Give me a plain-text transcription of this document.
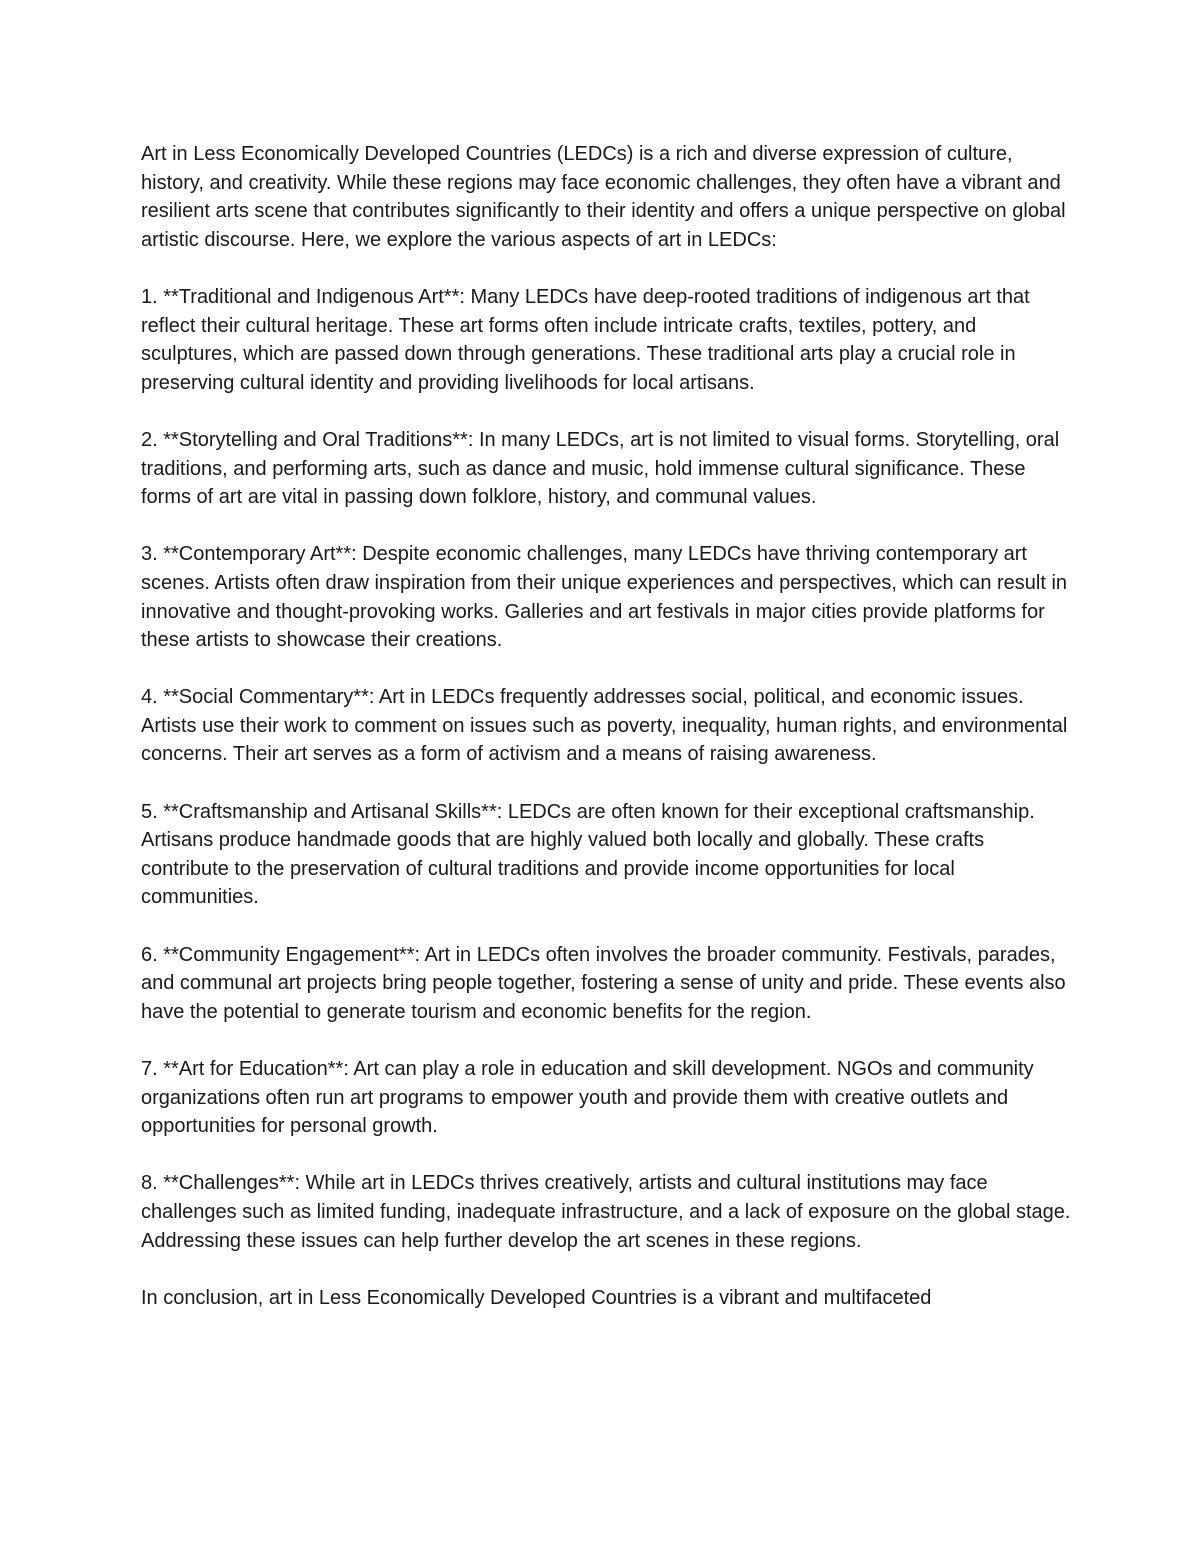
Art in Less Economically Developed Countries (LEDCs) is a rich and diverse expression of culture, history, and creativity. While these regions may face economic challenges, they often have a vibrant and resilient arts scene that contributes significantly to their identity and offers a unique perspective on global artistic discourse. Here, we explore the various aspects of art in LEDCs:

1. **Traditional and Indigenous Art**: Many LEDCs have deep-rooted traditions of indigenous art that reflect their cultural heritage. These art forms often include intricate crafts, textiles, pottery, and sculptures, which are passed down through generations. These traditional arts play a crucial role in preserving cultural identity and providing livelihoods for local artisans.

2. **Storytelling and Oral Traditions**: In many LEDCs, art is not limited to visual forms. Storytelling, oral traditions, and performing arts, such as dance and music, hold immense cultural significance. These forms of art are vital in passing down folklore, history, and communal values.

3. **Contemporary Art**: Despite economic challenges, many LEDCs have thriving contemporary art scenes. Artists often draw inspiration from their unique experiences and perspectives, which can result in innovative and thought-provoking works. Galleries and art festivals in major cities provide platforms for these artists to showcase their creations.

4. **Social Commentary**: Art in LEDCs frequently addresses social, political, and economic issues. Artists use their work to comment on issues such as poverty, inequality, human rights, and environmental concerns. Their art serves as a form of activism and a means of raising awareness.

5. **Craftsmanship and Artisanal Skills**: LEDCs are often known for their exceptional craftsmanship. Artisans produce handmade goods that are highly valued both locally and globally. These crafts contribute to the preservation of cultural traditions and provide income opportunities for local communities.

6. **Community Engagement**: Art in LEDCs often involves the broader community. Festivals, parades, and communal art projects bring people together, fostering a sense of unity and pride. These events also have the potential to generate tourism and economic benefits for the region.

7. **Art for Education**: Art can play a role in education and skill development. NGOs and community organizations often run art programs to empower youth and provide them with creative outlets and opportunities for personal growth.

8. **Challenges**: While art in LEDCs thrives creatively, artists and cultural institutions may face challenges such as limited funding, inadequate infrastructure, and a lack of exposure on the global stage. Addressing these issues can help further develop the art scenes in these regions.

In conclusion, art in Less Economically Developed Countries is a vibrant and multifaceted
